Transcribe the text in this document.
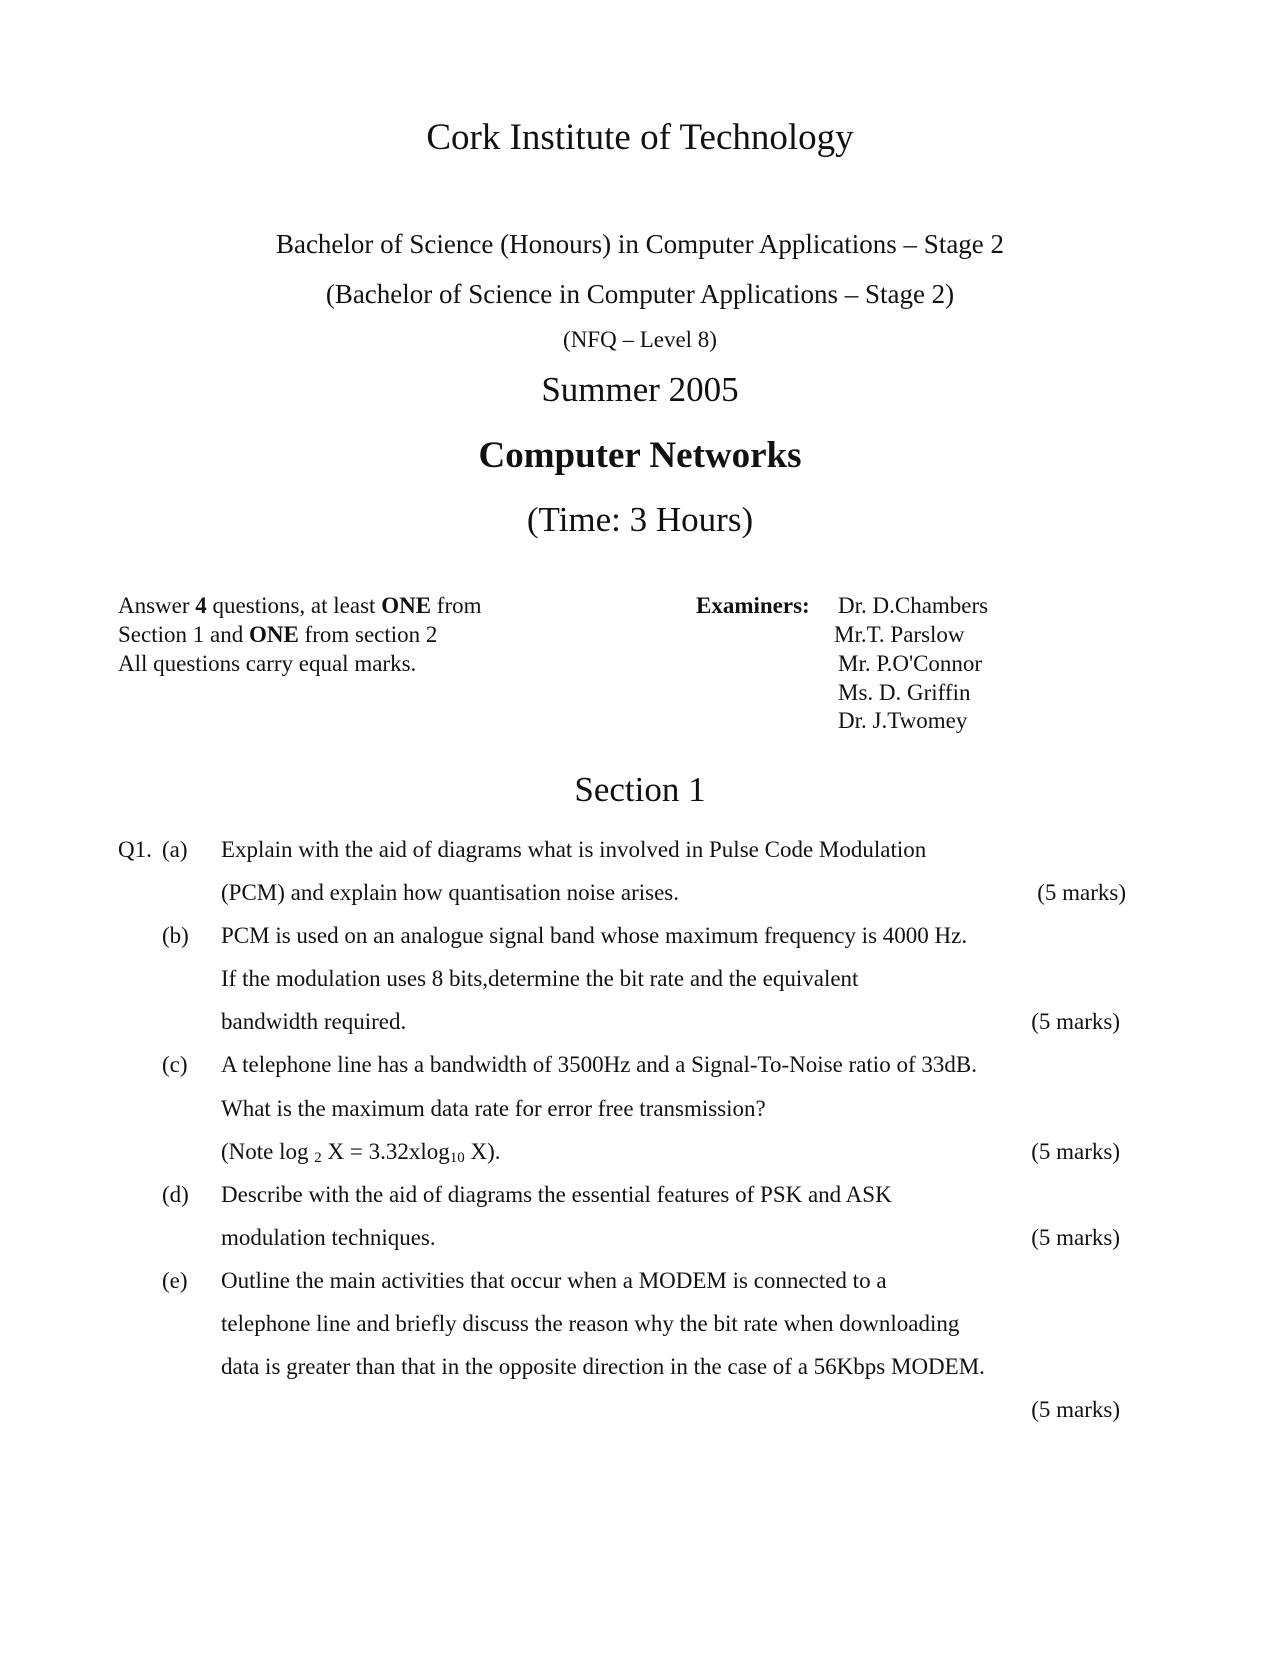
Cork Institute of Technology
Bachelor of Science (Honours) in Computer Applications – Stage 2
(Bachelor of Science in Computer Applications – Stage 2)
(NFQ – Level 8)
Summer 2005
Computer Networks
(Time: 3 Hours)
Answer 4 questions, at least ONE from
Section 1 and ONE from section 2
All questions carry equal marks.
Examiners: Dr. D.Chambers
Mr.T. Parslow
Mr. P.O'Connor
Ms. D. Griffin
Dr. J.Twomey
Section 1
Q1. (a) Explain with the aid of diagrams what is involved in Pulse Code Modulation
(PCM) and explain how quantisation noise arises.	(5 marks)
(b) PCM is used on an analogue signal band whose maximum frequency is 4000 Hz.
If the modulation uses 8 bits,determine the bit rate and the equivalent
bandwidth required.	(5 marks)
(c) A telephone line has a bandwidth of 3500Hz and a Signal-To-Noise ratio of 33dB.
What is the maximum data rate for error free transmission?
(Note log $_2$ X = 3.32xlog$_{10}$ X).	(5 marks)
(d) Describe with the aid of diagrams the essential features of PSK and ASK
modulation techniques.	(5 marks)
(e) Outline the main activities that occur when a MODEM is connected to a
telephone line and briefly discuss the reason why the bit rate when downloading
data is greater than that in the opposite direction in the case of a 56Kbps MODEM.
(5 marks)
